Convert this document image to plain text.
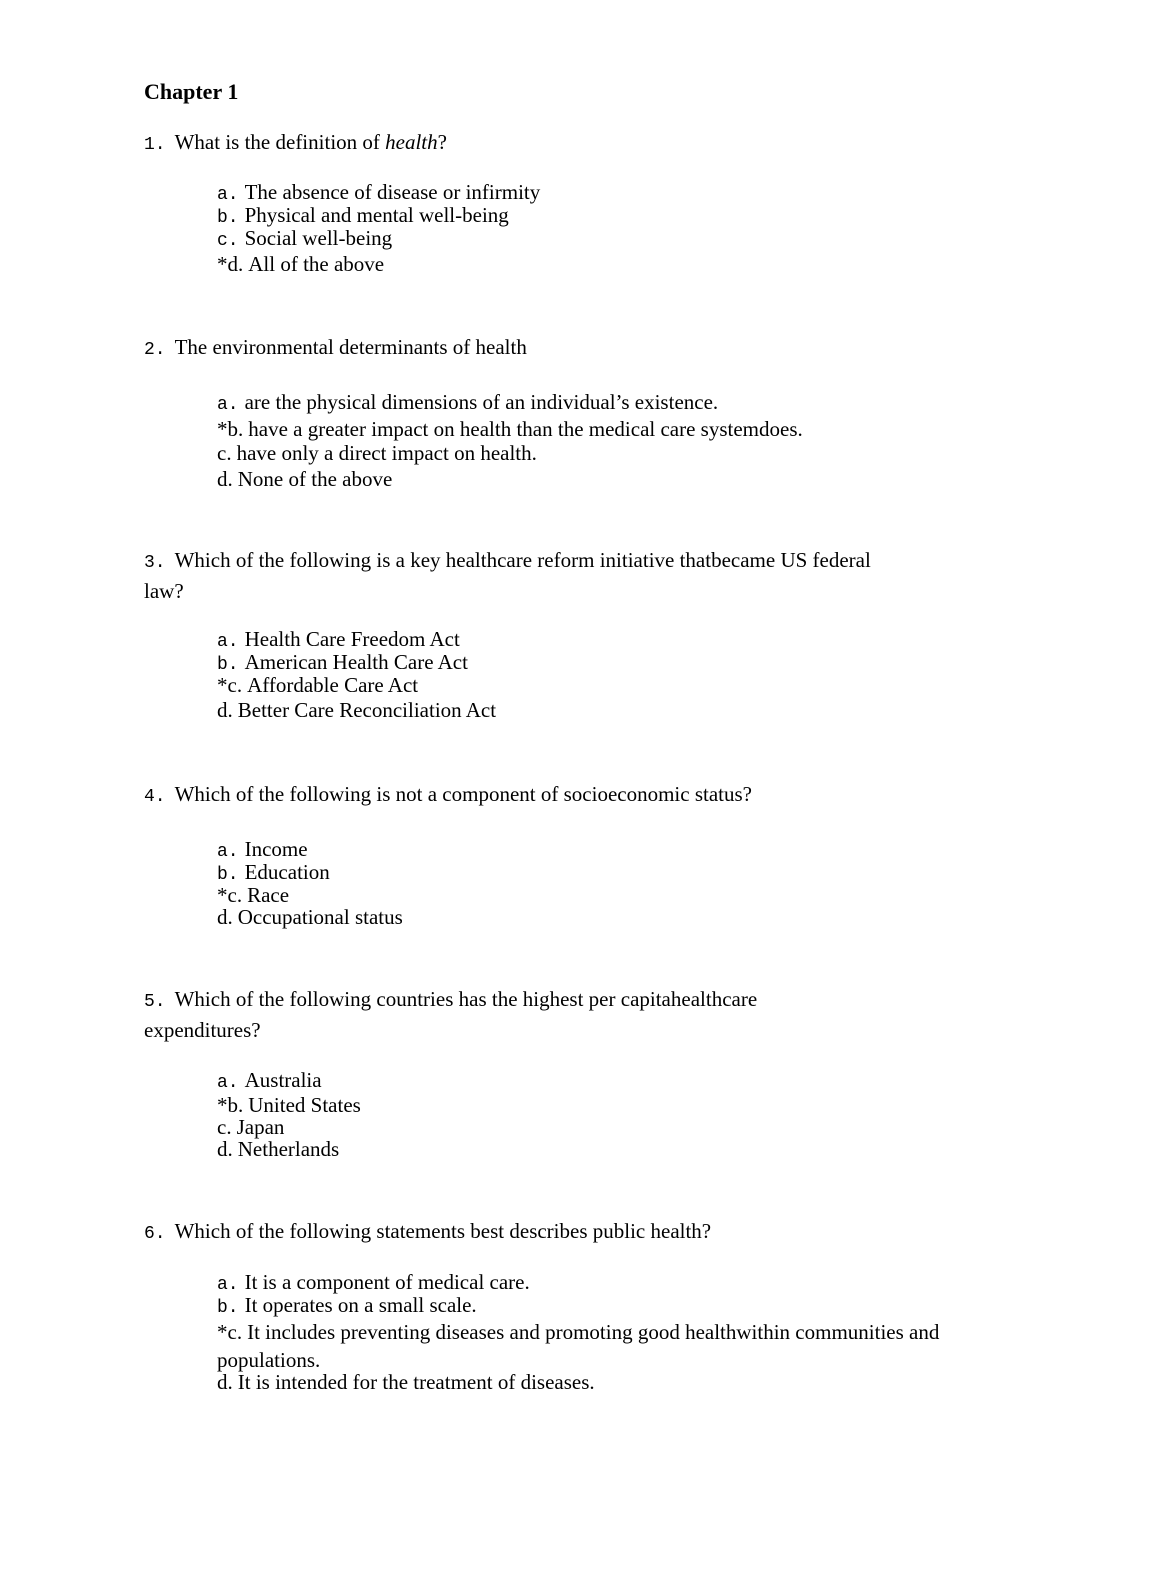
Chapter 1
1. What is the definition of health?
a. The absence of disease or infirmity
b. Physical and mental well-being
c. Social well-being
*d. All of the above
2. The environmental determinants of health
a. are the physical dimensions of an individual’s existence.
*b. have a greater impact on health than the medical care systemdoes.
c. have only a direct impact on health.
d. None of the above
3. Which of the following is a key healthcare reform initiative thatbecame US federal law?
a. Health Care Freedom Act
b. American Health Care Act
*c. Affordable Care Act
d. Better Care Reconciliation Act
4. Which of the following is not a component of socioeconomic status?
a. Income
b. Education
*c. Race
d. Occupational status
5. Which of the following countries has the highest per capitahealthcare expenditures?
a. Australia
*b. United States
c. Japan
d. Netherlands
6. Which of the following statements best describes public health?
a. It is a component of medical care.
b. It operates on a small scale.
*c. It includes preventing diseases and promoting good healthwithin communities and populations.
d. It is intended for the treatment of diseases.
